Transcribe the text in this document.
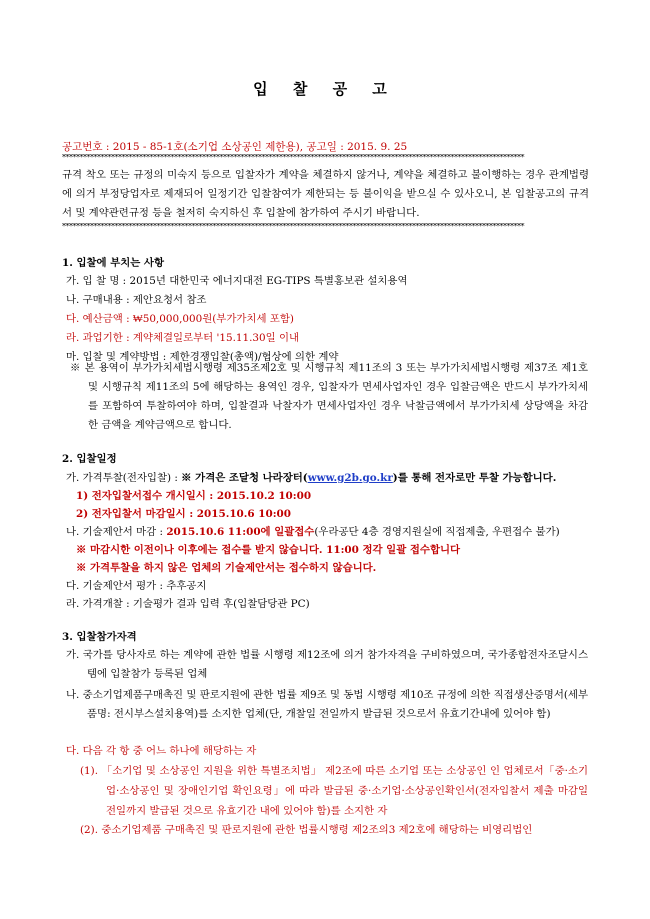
입 찰 공 고
공고번호 : 2015 - 85-1호(소기업 소상공인 제한용), 공고일 : 2015. 9. 25
************************************************************************************************************************************
규격 착오 또는 규정의 미숙지 등으로 입찰자가 계약을 체결하지 않거나, 계약을 체결하고 불이행하는 경우 관계법령에 의거 부정당업자로 제재되어 일정기간 입찰참여가 제한되는 등 불이익을 받으실 수 있사오니, 본 입찰공고의 규격서 및 계약관련규정 등을 철저히 숙지하신 후 입찰에 참가하여 주시기 바랍니다.
************************************************************************************************************************************
1. 입찰에 부치는 사항
가. 입 찰 명 : 2015년 대한민국 에너지대전 EG-TIPS 특별홍보관 설치용역
나. 구매내용 : 제안요청서 참조
다. 예산금액 : ₩50,000,000원(부가가치세 포함)
라. 과업기한 : 계약체결일로부터 '15.11.30일 이내
마. 입찰 및 계약방법 : 제한경쟁입찰(총액)/협상에 의한 계약
※ 본 용역이 부가가치세법시행령 제35조제2호 및 시행규칙 제11조의 3 또는 부가가치세법시행령 제37조 제1호 및 시행규칙 제11조의 5에 해당하는 용역인 경우, 입찰자가 면세사업자인 경우 입찰금액은 반드시 부가가치세를 포함하여 투찰하여야 하며, 입찰결과 낙찰자가 면세사업자인 경우 낙찰금액에서 부가가치세 상당액을 차감한 금액을 계약금액으로 합니다.
2. 입찰일정
가. 가격투찰(전자입찰) : ※ 가격은 조달청 나라장터(www.g2b.go.kr)를 통해 전자로만 투찰 가능합니다.
1) 전자입찰서접수 개시일시 : 2015.10.2 10:00
2) 전자입찰서 마감일시 : 2015.10.6 10:00
나. 기술제안서 마감 : 2015.10.6 11:00에 일괄접수(우라공단 4층 경영지원실에 직접제출, 우편접수 불가)
※ 마감시한 이전이나 이후에는 접수를 받지 않습니다. 11:00 정각 일괄 접수합니다
※ 가격투찰을 하지 않은 업체의 기술제안서는 접수하지 않습니다.
다. 기술제안서 평가 : 추후공지
라. 가격개찰 : 기술평가 결과 입력 후(입찰담당관 PC)
3. 입찰참가자격
가. 국가를 당사자로 하는 계약에 관한 법률 시행령 제12조에 의거 참가자격을 구비하였으며, 국가종합전자조달시스템에 입찰참가 등록된 업체
나. 중소기업제품구매촉진 및 판로지원에 관한 법률 제9조 및 동법 시행령 제10조 규정에 의한 직접생산증명서(세부품명: 전시부스설치용역)를 소지한 업체(단, 개찰일 전일까지 발급된 것으로서 유효기간내에 있어야 함)
다. 다음 각 항 중 어느 하나에 해당하는 자
(1). 「소기업 및 소상공인 지원을 위한 특별조치법」 제2조에 따른 소기업 또는 소상공인 인 업체로서「중·소기업·소상공인 및 장애인기업 확인요령」에 따라 발급된 중·소기업·소상공인확인서(전자입찰서 제출 마감일 전일까지 발급된 것으로 유효기간 내에 있어야 함)를 소지한 자
(2). 중소기업제품 구매촉진 및 판로지원에 관한 법률시행령 제2조의3 제2호에 해당하는 비영리법인
